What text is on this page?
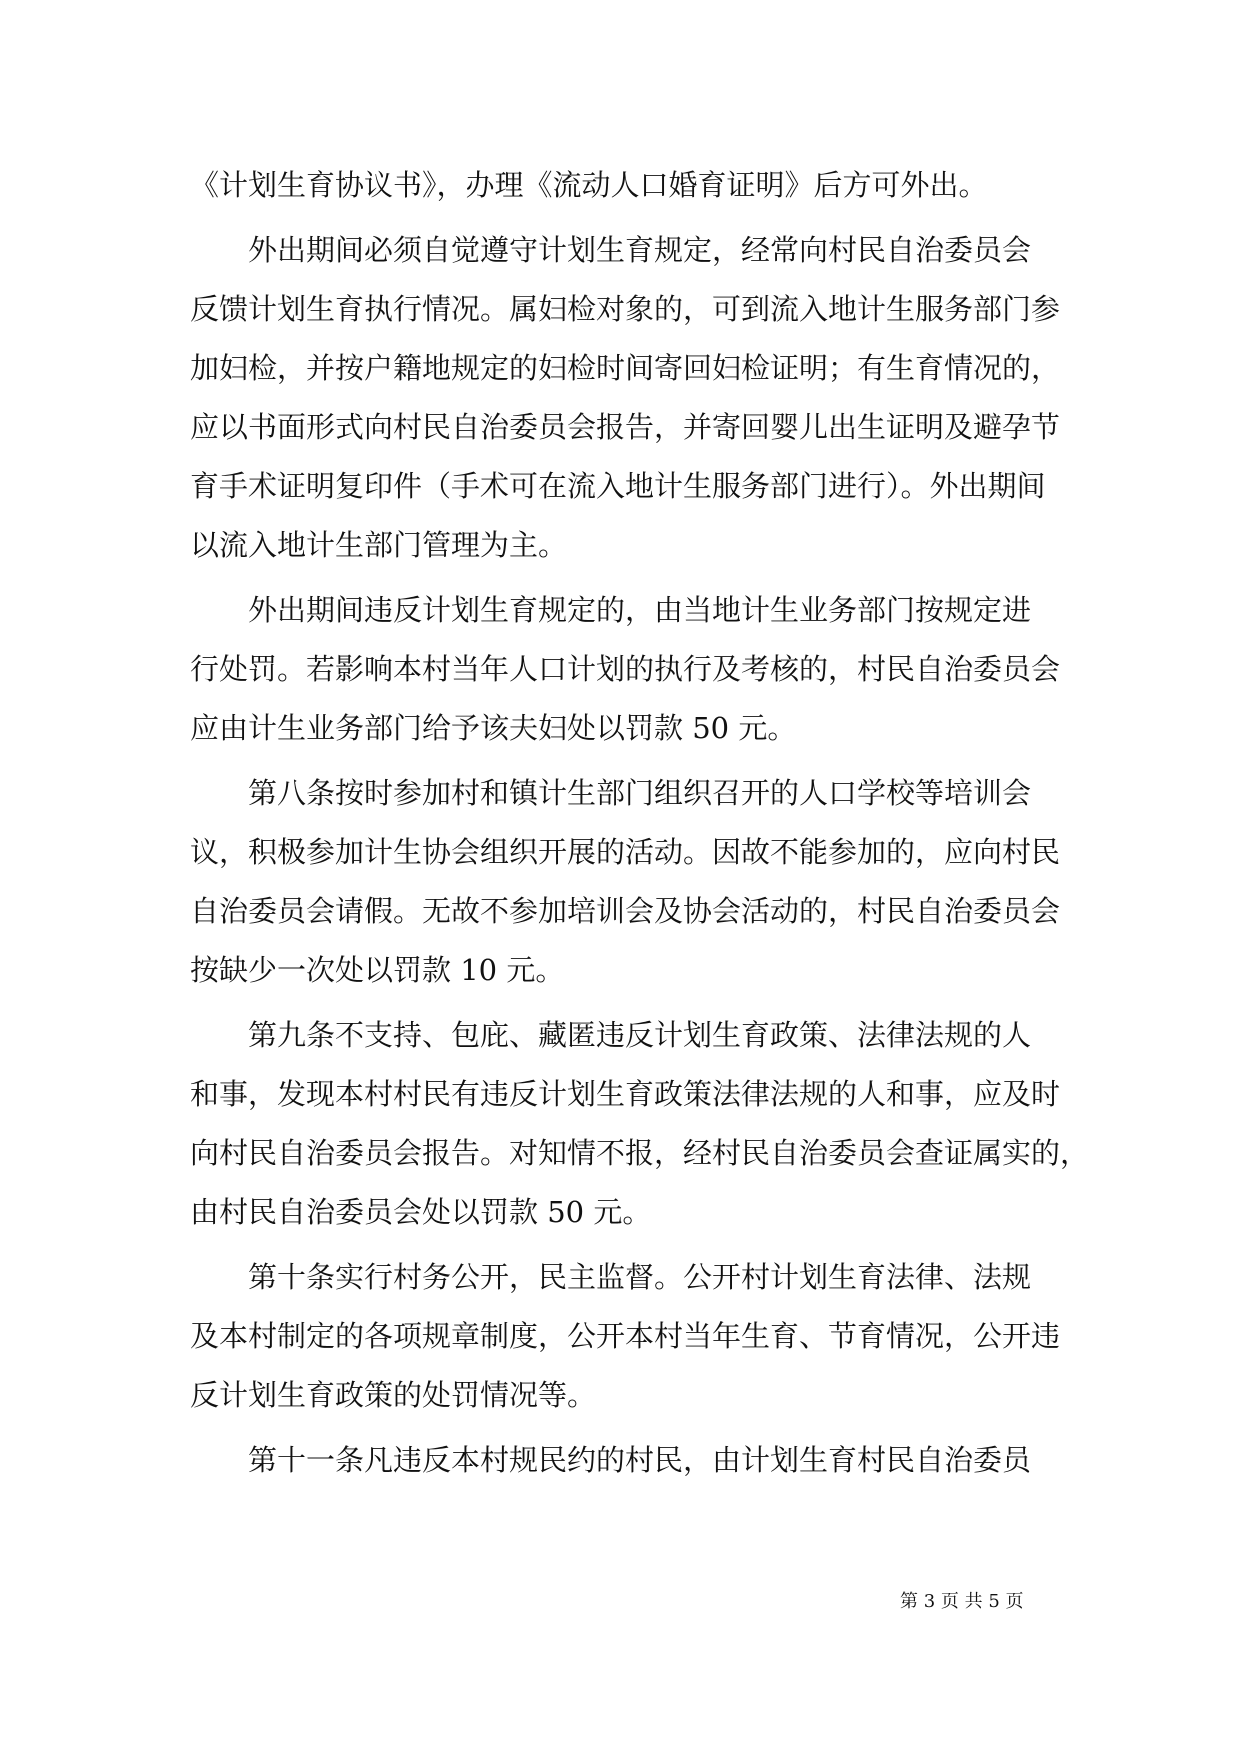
《计划生育协议书》，办理《流动人口婚育证明》后方可外出。

　　外出期间必须自觉遵守计划生育规定，经常向村民自治委员会
反馈计划生育执行情况。属妇检对象的，可到流入地计生服务部门参
加妇检，并按户籍地规定的妇检时间寄回妇检证明；有生育情况的，
应以书面形式向村民自治委员会报告，并寄回婴儿出生证明及避孕节
育手术证明复印件（手术可在流入地计生服务部门进行）。外出期间
以流入地计生部门管理为主。

　　外出期间违反计划生育规定的，由当地计生业务部门按规定进
行处罚。若影响本村当年人口计划的执行及考核的，村民自治委员会
应由计生业务部门给予该夫妇处以罚款 50 元。

　　第八条按时参加村和镇计生部门组织召开的人口学校等培训会
议，积极参加计生协会组织开展的活动。因故不能参加的，应向村民
自治委员会请假。无故不参加培训会及协会活动的，村民自治委员会
按缺少一次处以罚款 10 元。

　　第九条不支持、包庇、藏匿违反计划生育政策、法律法规的人
和事，发现本村村民有违反计划生育政策法律法规的人和事，应及时
向村民自治委员会报告。对知情不报，经村民自治委员会查证属实的，
由村民自治委员会处以罚款 50 元。

　　第十条实行村务公开，民主监督。公开村计划生育法律、法规
及本村制定的各项规章制度，公开本村当年生育、节育情况，公开违
反计划生育政策的处罚情况等。

　　第十一条凡违反本村规民约的村民，由计划生育村民自治委员

第 3 页 共 5 页
